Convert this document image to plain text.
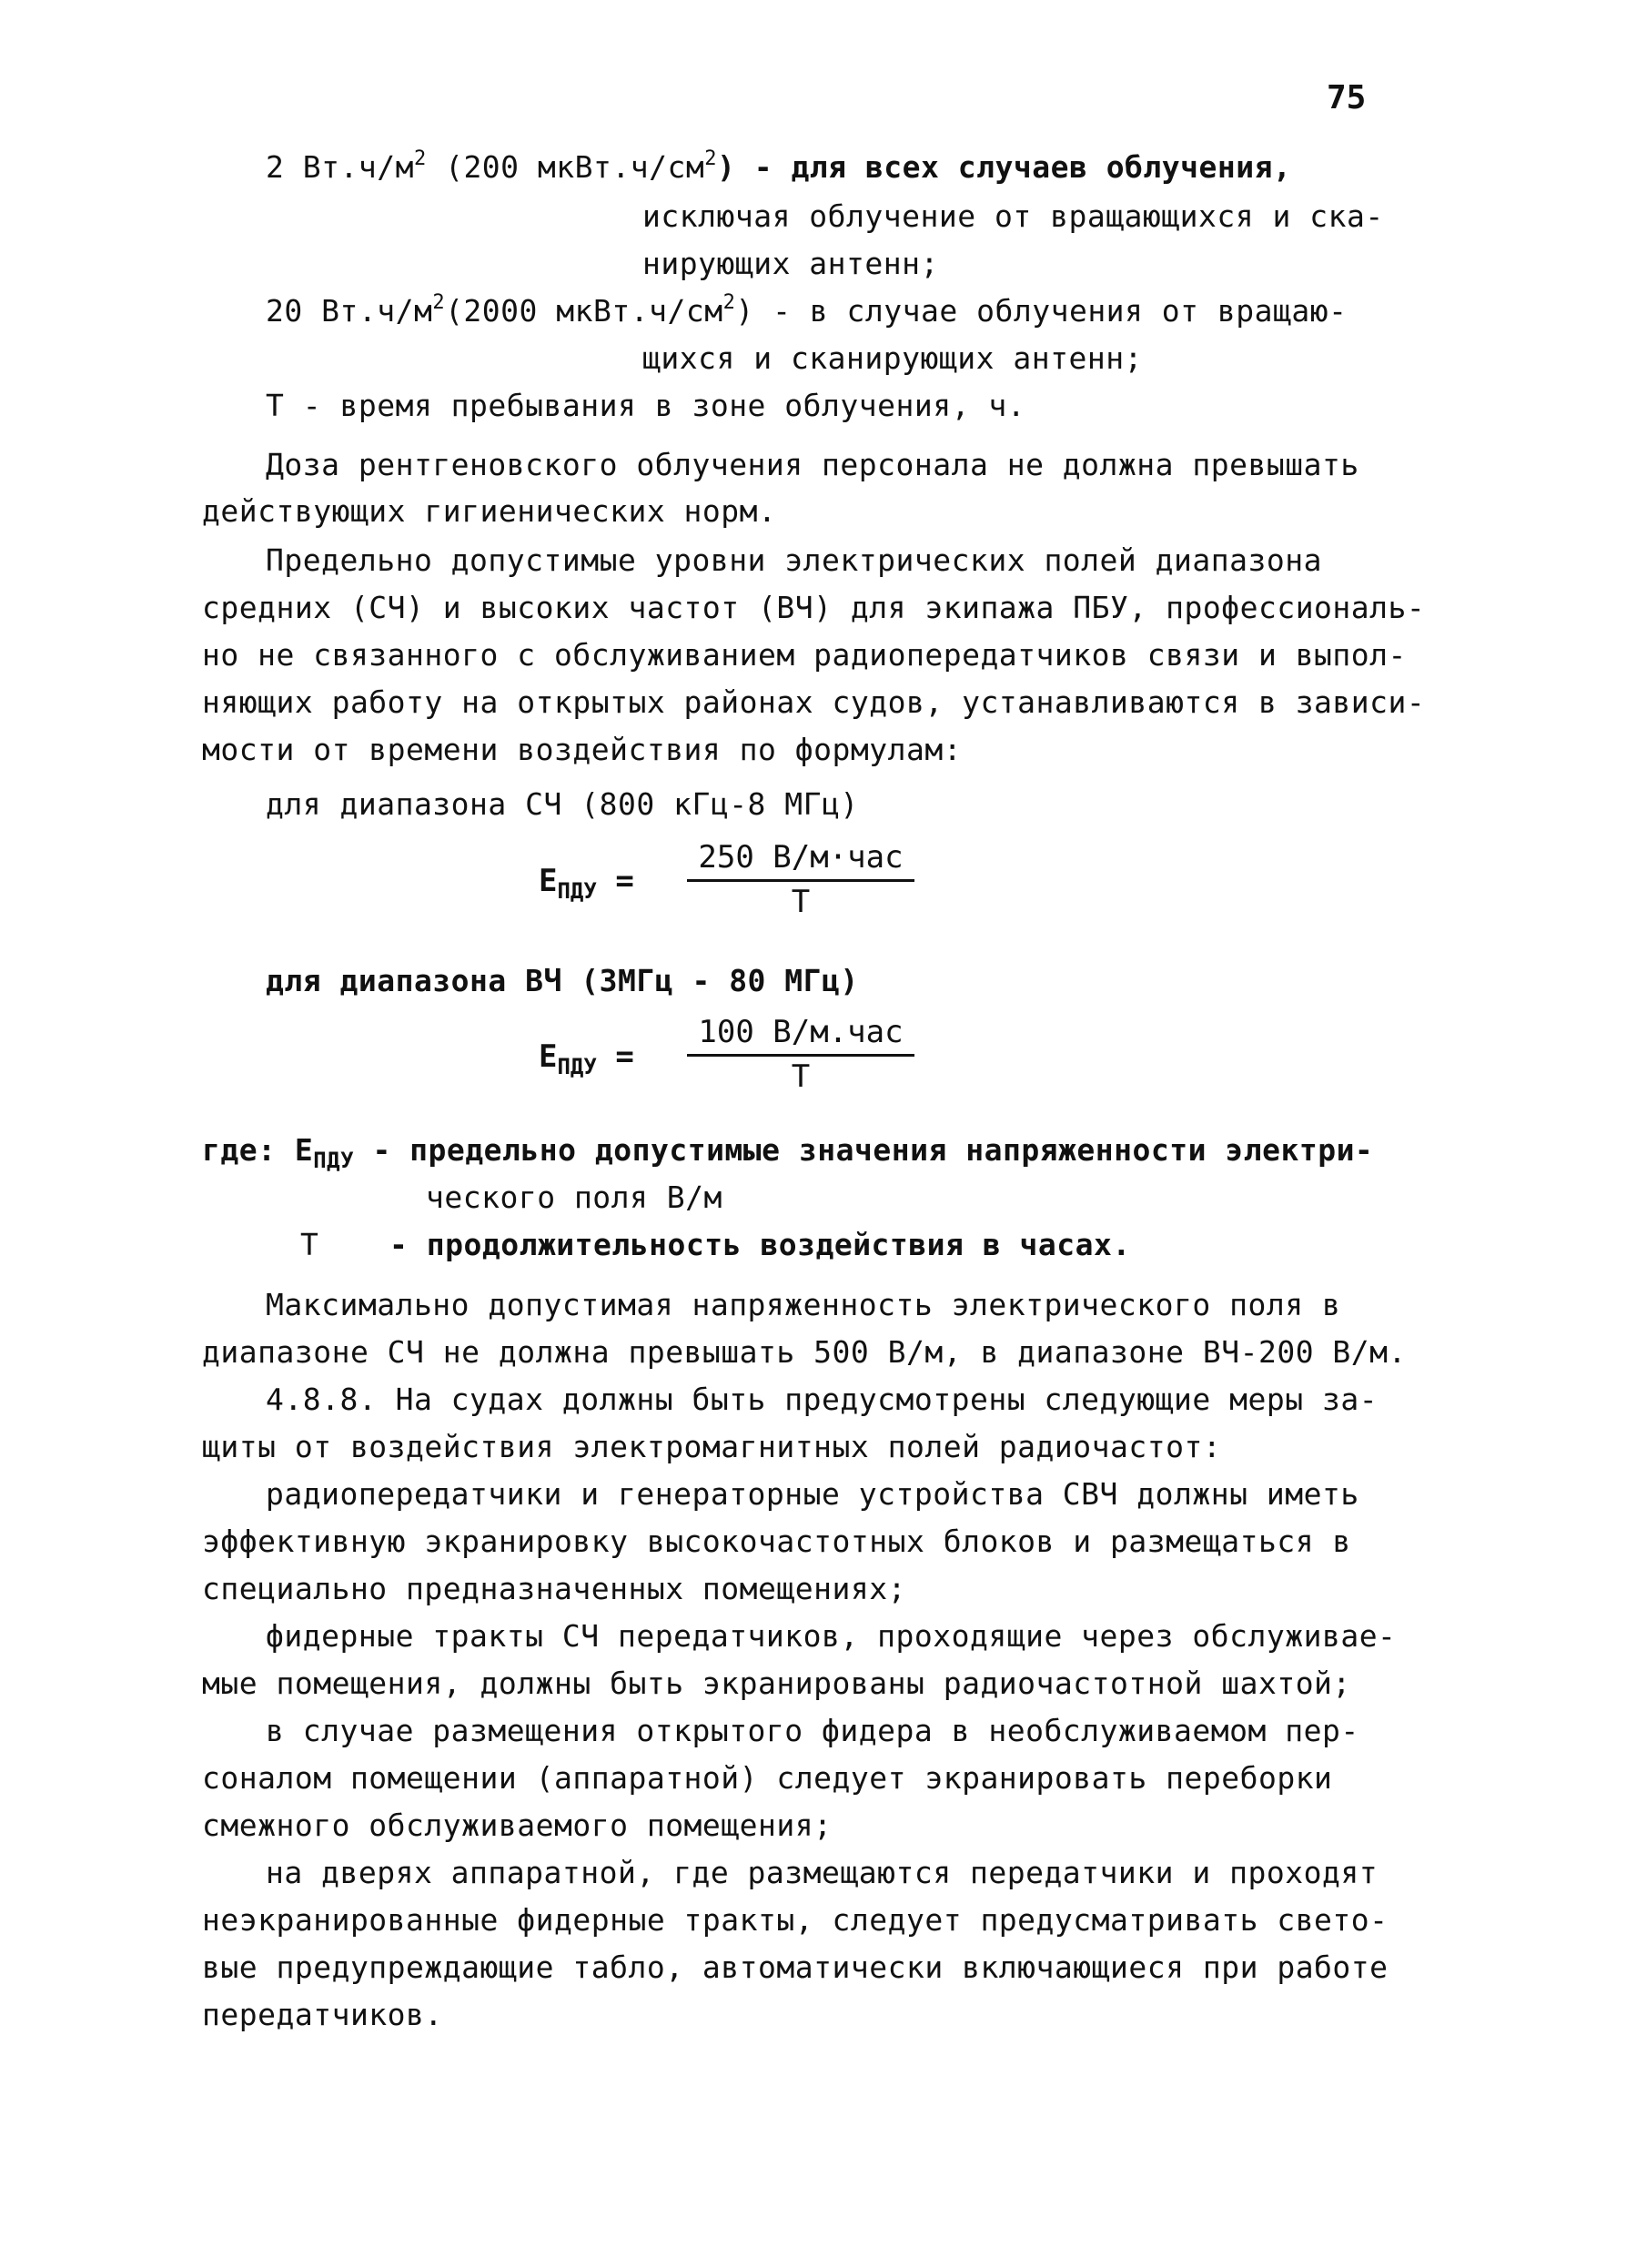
75
2 $Вт.ч/м^2$ (200 $мкВт.ч/см^2$) - для всех случаев облучения,
исключая облучение от вращающихся и ска-
нирующих антенн;
20 $Вт.ч/м^2(2000$ $мкВт.ч/см^2$) - в случае облучения от вращаю-
щихся и сканирующих антенн;
Т - время пребывания в зоне облучения, ч.
Доза рентгеновского облучения персонала не должна превышать
действующих гигиенических норм.
Предельно допустимые уровни электрических полей диапазона
средних (СЧ) и высоких частот (ВЧ) для экипажа ПБУ, профессиональ-
но не связанного с обслуживанием радиопередатчиков связи и выпол-
няющих работу на открытых районах судов, устанавливаются в зависи-
мости от времени воздействия по формулам:
для диапазона СЧ (800 кГц-8 МГц)
$Е_{ПДУ}$ =
250 В/м·час
Т
для диапазона ВЧ (ЗМГц - 80 МГц)
$Е_{ПДУ}$ =
100 В/м.час
Т
где: $Е_{ПДУ}$ - предельно допустимые значения напряженности электри-
ческого поля В/м
Т - продолжительность воздействия в часах.
Максимально допустимая напряженность электрического поля в
диапазоне СЧ не должна превышать 500 В/м, в диапазоне ВЧ-200 В/м.
4.8.8. На судах должны быть предусмотрены следующие меры за-
щиты от воздействия электромагнитных полей радиочастот:
радиопередатчики и генераторные устройства СВЧ должны иметь
эффективную экранировку высокочастотных блоков и размещаться в
специально предназначенных помещениях;
фидерные тракты СЧ передатчиков, проходящие через обслуживае-
мые помещения, должны быть экранированы радиочастотной шахтой;
в случае размещения открытого фидера в необслуживаемом пер-
соналом помещении (аппаратной) следует экранировать переборки
смежного обслуживаемого помещения;
на дверях аппаратной, где размещаются передатчики и проходят
неэкранированные фидерные тракты, следует предусматривать свето-
вые предупреждающие табло, автоматически включающиеся при работе
передатчиков.
